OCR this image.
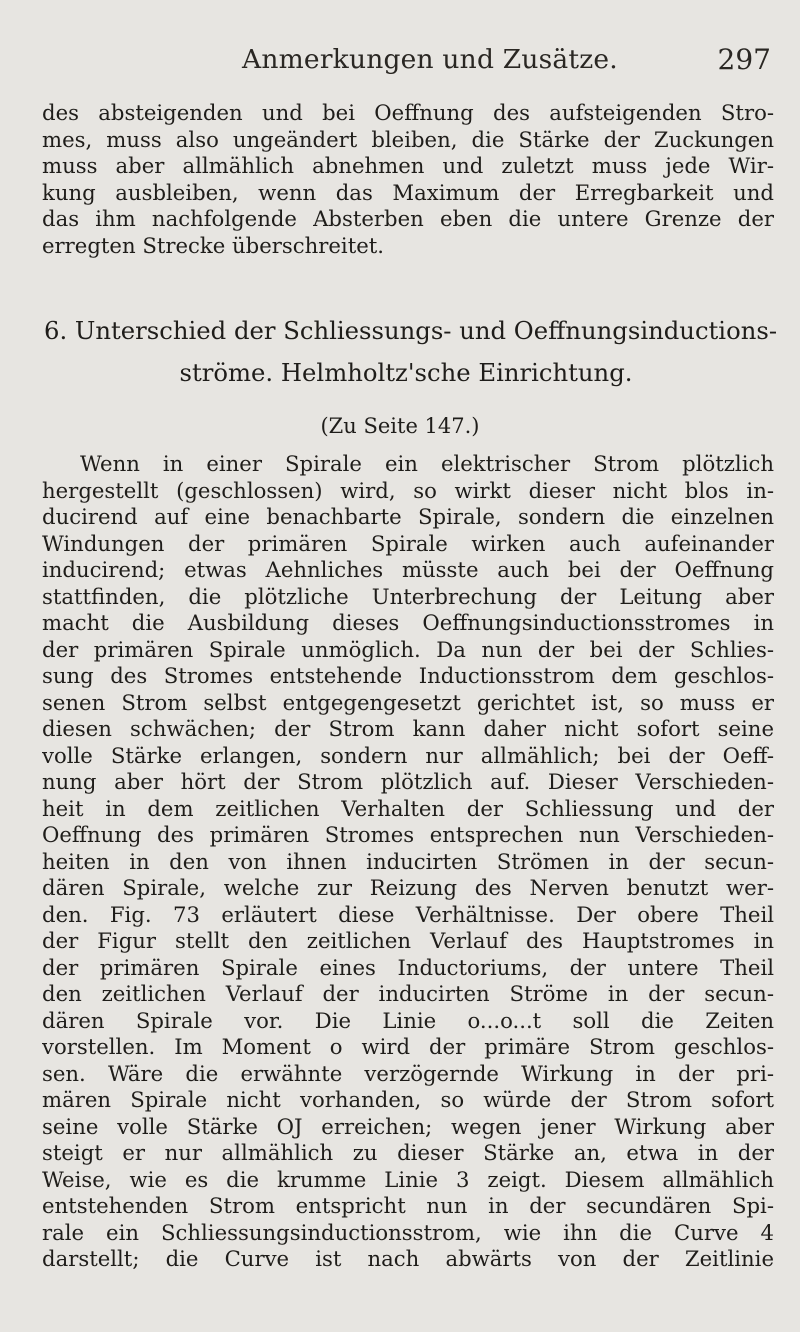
Anmerkungen und Zusätze.	297
des absteigenden und bei Oeffnung des aufsteigenden Stro-
mes, muss also ungeändert bleiben, die Stärke der Zuckungen
muss aber allmählich abnehmen und zuletzt muss jede Wir-
kung ausbleiben, wenn das Maximum der Erregbarkeit und
das ihm nachfolgende Absterben eben die untere Grenze der
erregten Strecke überschreitet.
6. Unterschied der Schliessungs- und Oeffnungsinductions-
ströme. Helmholtz'sche Einrichtung.
(Zu Seite 147.)
Wenn in einer Spirale ein elektrischer Strom plötzlich
hergestellt (geschlossen) wird, so wirkt dieser nicht blos in-
ducirend auf eine benachbarte Spirale, sondern die einzelnen
Windungen der primären Spirale wirken auch aufeinander
inducirend; etwas Aehnliches müsste auch bei der Oeffnung
stattfinden, die plötzliche Unterbrechung der Leitung aber
macht die Ausbildung dieses Oeffnungsinductionsstromes in
der primären Spirale unmöglich. Da nun der bei der Schlies-
sung des Stromes entstehende Inductionsstrom dem geschlos-
senen Strom selbst entgegengesetzt gerichtet ist, so muss er
diesen schwächen; der Strom kann daher nicht sofort seine
volle Stärke erlangen, sondern nur allmählich; bei der Oeff-
nung aber hört der Strom plötzlich auf. Dieser Verschieden-
heit in dem zeitlichen Verhalten der Schliessung und der
Oeffnung des primären Stromes entsprechen nun Verschieden-
heiten in den von ihnen inducirten Strömen in der secun-
dären Spirale, welche zur Reizung des Nerven benutzt wer-
den. Fig. 73 erläutert diese Verhältnisse. Der obere Theil
der Figur stellt den zeitlichen Verlauf des Hauptstromes in
der primären Spirale eines Inductoriums, der untere Theil
den zeitlichen Verlauf der inducirten Ströme in der secun-
dären Spirale vor. Die Linie o...o...t soll die Zeiten
vorstellen. Im Moment o wird der primäre Strom geschlos-
sen. Wäre die erwähnte verzögernde Wirkung in der pri-
mären Spirale nicht vorhanden, so würde der Strom sofort
seine volle Stärke OJ erreichen; wegen jener Wirkung aber
steigt er nur allmählich zu dieser Stärke an, etwa in der
Weise, wie es die krumme Linie 3 zeigt. Diesem allmählich
entstehenden Strom entspricht nun in der secundären Spi-
rale ein Schliessungsinductionsstrom, wie ihn die Curve 4
darstellt; die Curve ist nach abwärts von der Zeitlinie
